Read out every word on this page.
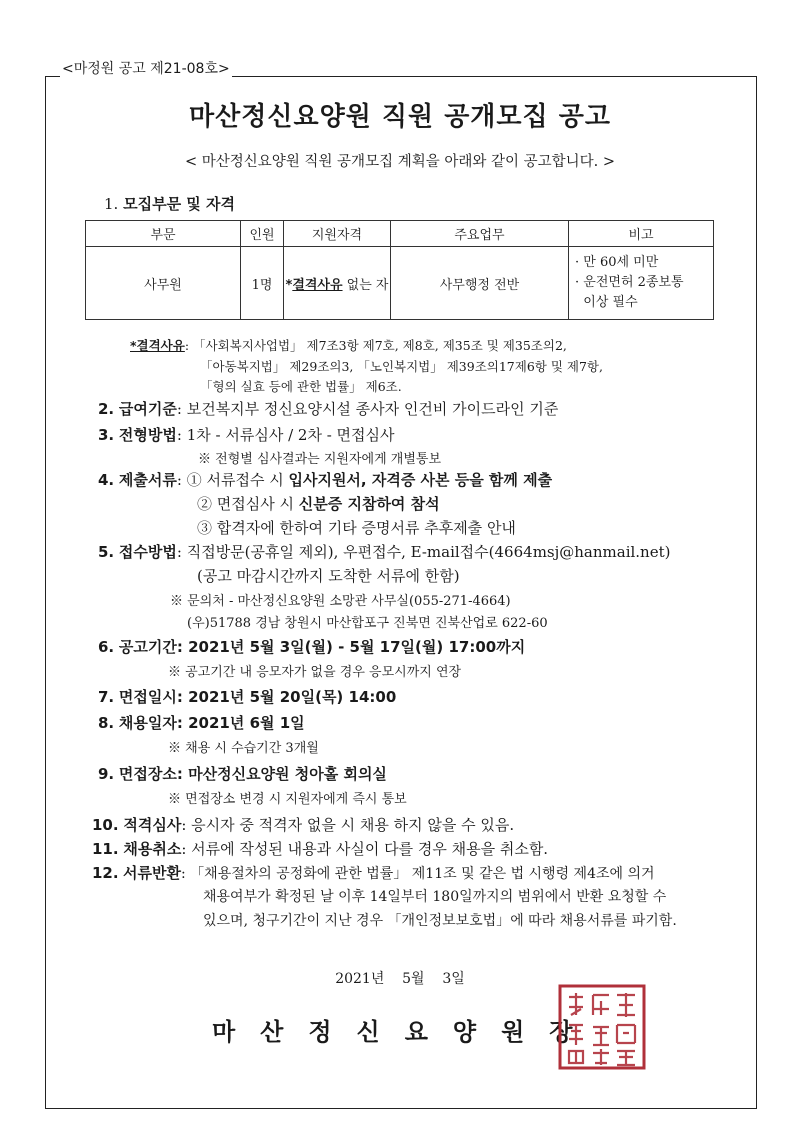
<마정원 공고 제21-08호>
마산정신요양원 직원 공개모집 공고
< 마산정신요양원 직원 공개모집 계획을 아래와 같이 공고합니다. >
1. 모집부문 및 자격
부문	인원	지원자격	주요업무	비고
사무원	1명	*결격사유 없는 자	사무행정 전반	· 만 60세 미만
· 운전면허 2종보통
이상 필수
*결격사유: 「사회복지사업법」 제7조3항 제7호, 제8호, 제35조 및 제35조의2,
「아동복지법」 제29조의3, 「노인복지법」 제39조의17제6항 및 제7항,
「형의 실효 등에 관한 법률」 제6조.
2. 급여기준: 보건복지부 정신요양시설 종사자 인건비 가이드라인 기준
3. 전형방법: 1차 - 서류심사 / 2차 - 면접심사
※ 전형별 심사결과는 지원자에게 개별통보
4. 제출서류: ① 서류접수 시 입사지원서, 자격증 사본 등을 함께 제출
② 면접심사 시 신분증 지참하여 참석
③ 합격자에 한하여 기타 증명서류 추후제출 안내
5. 접수방법: 직접방문(공휴일 제외), 우편접수, E-mail접수(4664msj@hanmail.net)
(공고 마감시간까지 도착한 서류에 한함)
※ 문의처 - 마산정신요양원 소망관 사무실(055-271-4664)
(우)51788 경남 창원시 마산합포구 진북면 진북산업로 622-60
6. 공고기간: 2021년 5월 3일(월) - 5월 17일(월) 17:00까지
※ 공고기간 내 응모자가 없을 경우 응모시까지 연장
7. 면접일시: 2021년 5월 20일(목) 14:00
8. 채용일자: 2021년 6월 1일
※ 채용 시 수습기간 3개월
9. 면접장소: 마산정신요양원 청아홀 회의실
※ 면접장소 변경 시 지원자에게 즉시 통보
10. 적격심사: 응시자 중 적격자 없을 시 채용 하지 않을 수 있음.
11. 채용취소: 서류에 작성된 내용과 사실이 다를 경우 채용을 취소함.
12. 서류반환: 「채용절차의 공정화에 관한 법률」 제11조 및 같은 법 시행령 제4조에 의거
채용여부가 확정된 날 이후 14일부터 180일까지의 범위에서 반환 요청할 수
있으며, 청구기간이 지난 경우 「개인정보보호법」에 따라 채용서류를 파기함.
2021년    5월    3일
마산정신요양원장
